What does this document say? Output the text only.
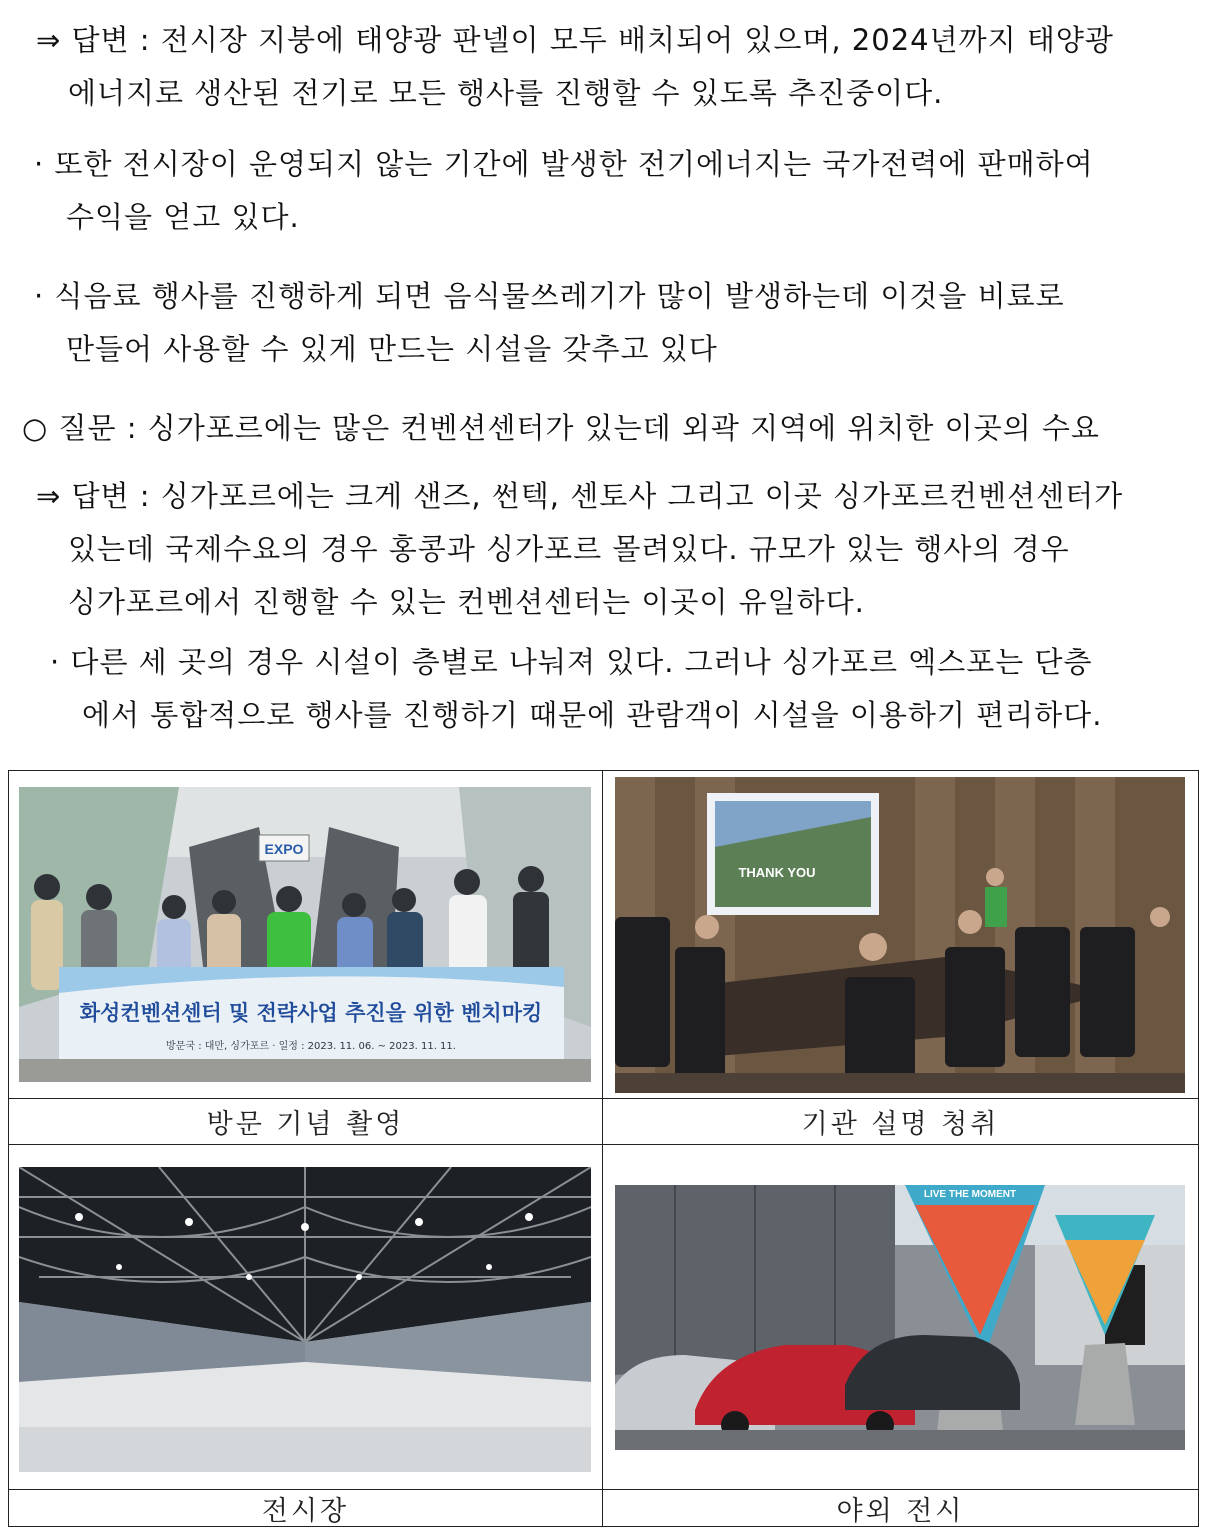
⇒ 답변 : 전시장 지붕에 태양광 판넬이 모두 배치되어 있으며, 2024년까지 태양광
에너지로 생산된 전기로 모든 행사를 진행할 수 있도록 추진중이다.
· 또한 전시장이 운영되지 않는 기간에 발생한 전기에너지는 국가전력에 판매하여
수익을 얻고 있다.
· 식음료 행사를 진행하게 되면 음식물쓰레기가 많이 발생하는데 이것을 비료로
만들어 사용할 수 있게 만드는 시설을 갖추고 있다
○ 질문 : 싱가포르에는 많은 컨벤션센터가 있는데 외곽 지역에 위치한 이곳의 수요
⇒ 답변 : 싱가포르에는 크게 샌즈, 썬텍, 센토사 그리고 이곳 싱가포르컨벤션센터가
있는데 국제수요의 경우 홍콩과 싱가포르 몰려있다. 규모가 있는 행사의 경우
싱가포르에서 진행할 수 있는 컨벤션센터는 이곳이 유일하다.
· 다른 세 곳의 경우 시설이 층별로 나눠져 있다. 그러나 싱가포르 엑스포는 단층
에서 통합적으로 행사를 진행하기 때문에 관람객이 시설을 이용하기 편리하다.
EXPO
화성컨벤션센터 및 전략사업 추진을 위한 벤치마킹
방문국 : 대만, 싱가포르 · 일정 : 2023. 11. 06. ~ 2023. 11. 11.
THANK YOU
방문 기념 촬영	기관 설명 청취
LIVE THE MOMENT
전시장	야외 전시
